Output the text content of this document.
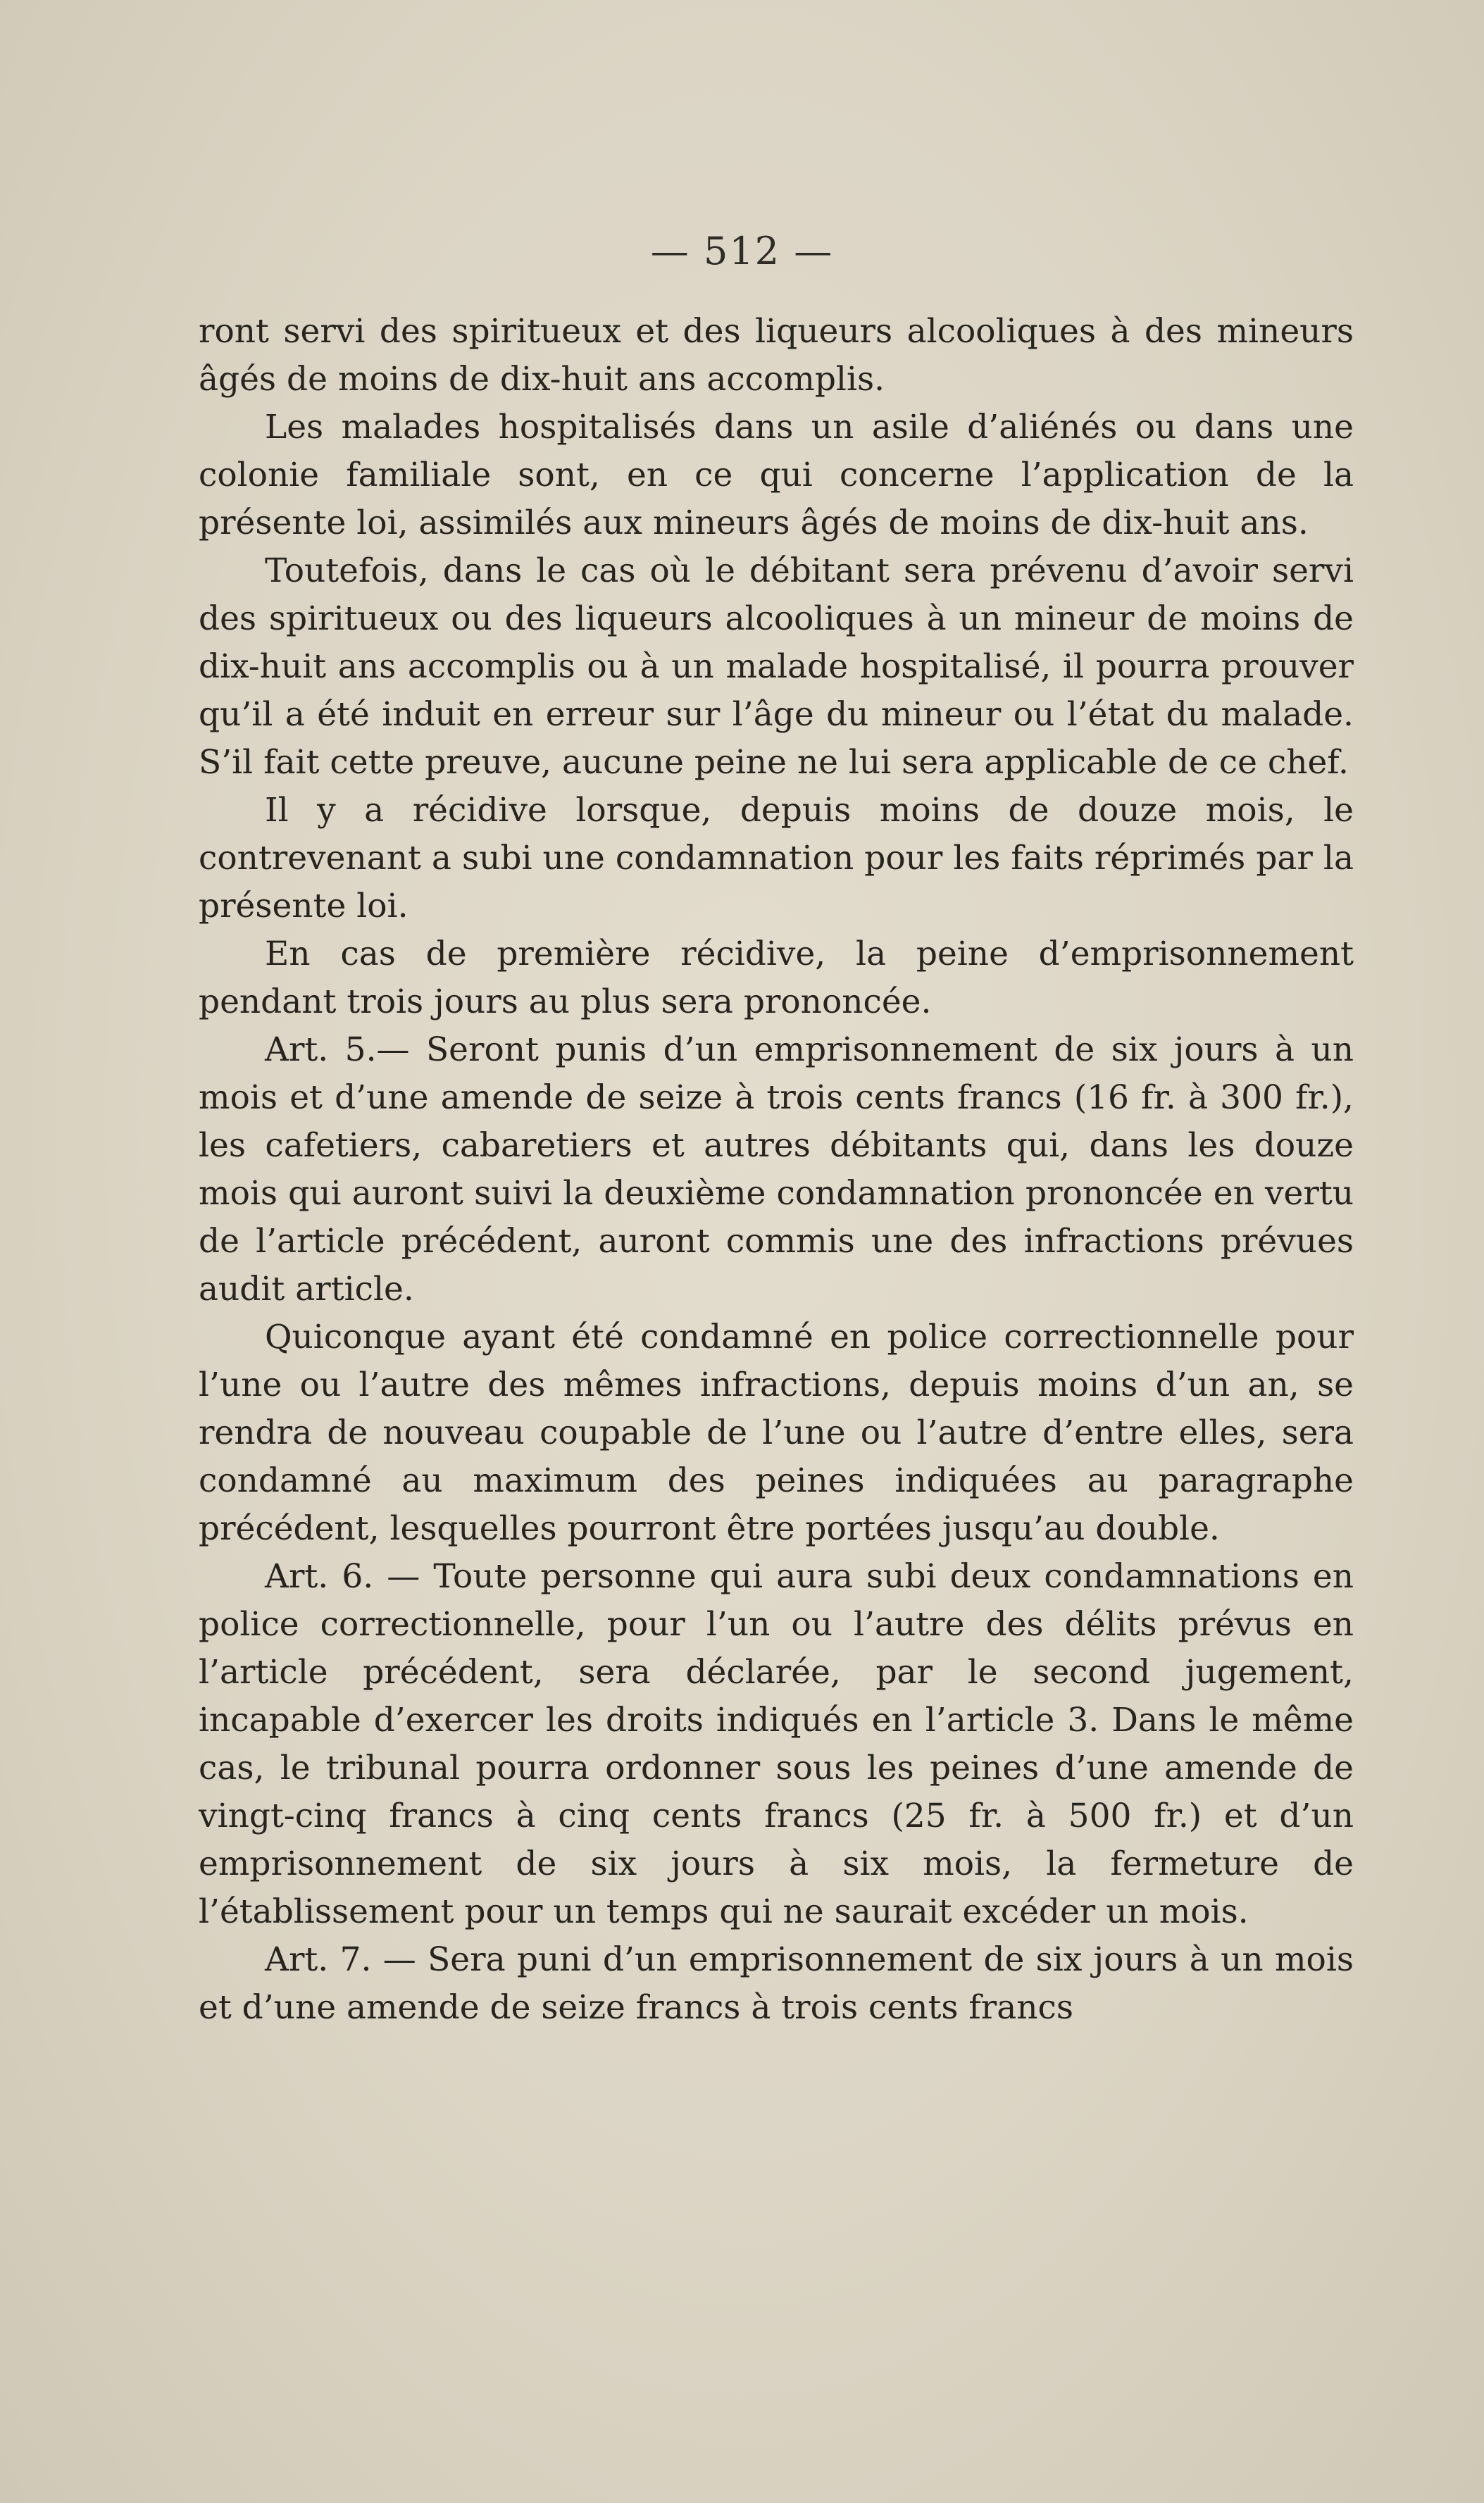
— 512 —

ront servi des spiritueux et des liqueurs alcooliques à des mineurs âgés de moins de dix-huit ans accomplis.

Les malades hospitalisés dans un asile d’aliénés ou dans une colonie familiale sont, en ce qui concerne l’application de la présente loi, assimilés aux mineurs âgés de moins de dix-huit ans.

Toutefois, dans le cas où le débitant sera prévenu d’avoir servi des spiritueux ou des liqueurs alcooliques à un mineur de moins de dix-huit ans accomplis ou à un malade hospitalisé, il pourra prouver qu’il a été induit en erreur sur l’âge du mineur ou l’état du malade. S’il fait cette preuve, aucune peine ne lui sera applicable de ce chef.

Il y a récidive lorsque, depuis moins de douze mois, le contrevenant a subi une condamnation pour les faits réprimés par la présente loi.

En cas de première récidive, la peine d’emprisonnement pendant trois jours au plus sera prononcée.

Art. 5.— Seront punis d’un emprisonnement de six jours à un mois et d’une amende de seize à trois cents francs (16 fr. à 300 fr.), les cafetiers, cabaretiers et autres débitants qui, dans les douze mois qui auront suivi la deuxième condamnation prononcée en vertu de l’article précédent, auront commis une des infractions prévues audit article.

Quiconque ayant été condamné en police correctionnelle pour l’une ou l’autre des mêmes infractions, depuis moins d’un an, se rendra de nouveau coupable de l’une ou l’autre d’entre elles, sera condamné au maximum des peines indiquées au paragraphe précédent, lesquelles pourront être portées jusqu’au double.

Art. 6. — Toute personne qui aura subi deux condamnations en police correctionnelle, pour l’un ou l’autre des délits prévus en l’article précédent, sera déclarée, par le second jugement, incapable d’exercer les droits indiqués en l’article 3. Dans le même cas, le tribunal pourra ordonner sous les peines d’une amende de vingt-cinq francs à cinq cents francs (25 fr. à 500 fr.) et d’un emprisonnement de six jours à six mois, la fermeture de l’établissement pour un temps qui ne saurait excéder un mois.

Art. 7. — Sera puni d’un emprisonnement de six jours à un mois et d’une amende de seize francs à trois cents francs
